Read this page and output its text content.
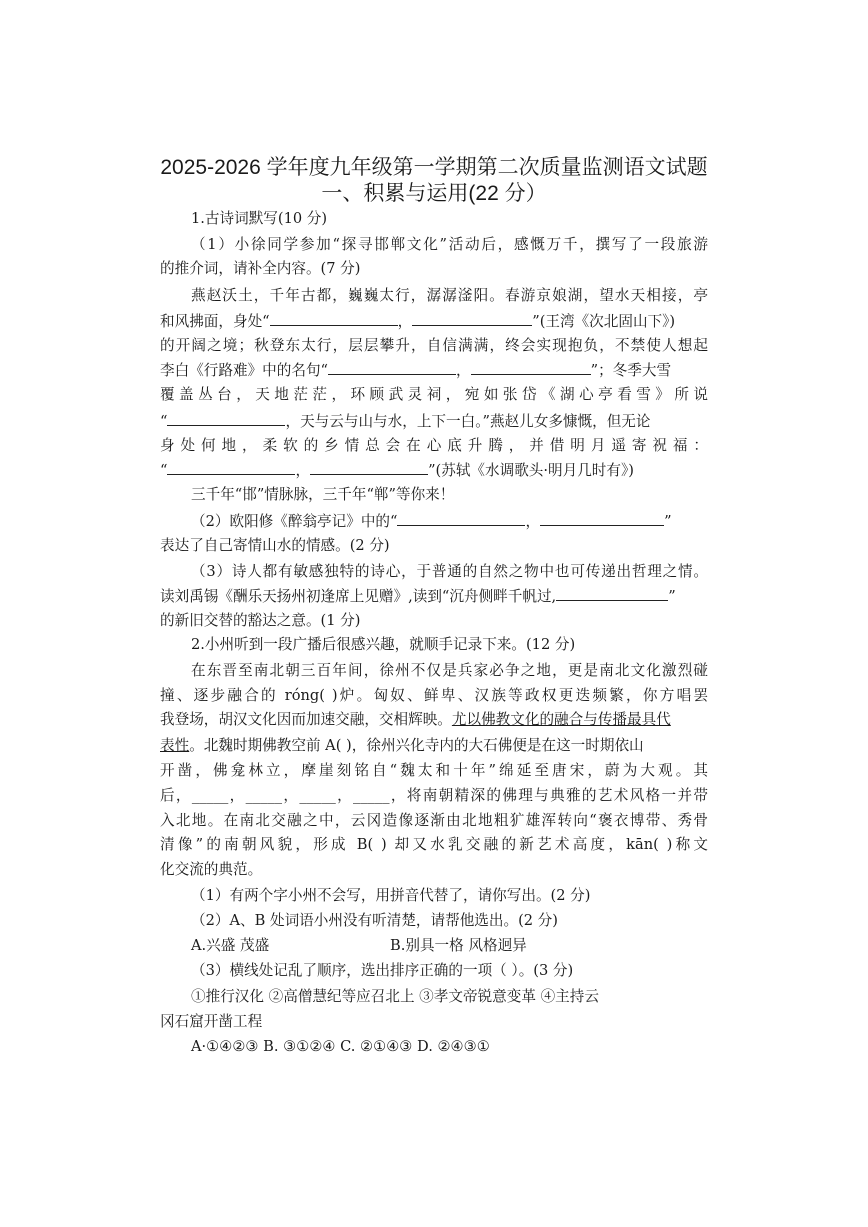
2025-2026 学年度九年级第一学期第二次质量监测语文试题
一、积累与运用(22 分）
1.古诗词默写(10 分)
（1）小徐同学参加“探寻邯郸文化”活动后，感慨万千，撰写了一段旅游
的推介词，请补全内容。(7 分)
燕赵沃土，千年古都，巍巍太行，潺潺滏阳。春游京娘湖，望水天相接，亭
和风拂面，身处“	，	”(王湾《次北固山下》)
的开阔之境；秋登东太行，层层攀升，自信满满，终会实现抱负，不禁使人想起
李白《行路难》中的名句“	，	”；冬季大雪
覆盖丛台，天地茫茫，环顾武灵祠，宛如张岱《湖心亭看雪》所说
“	，天与云与山与水，上下一白。”燕赵儿女多慷慨，但无论
身处何地，柔软的乡情总会在心底升腾，并借明月遥寄祝福：
“	，	”(苏轼《水调歌头·明月几时有》)
三千年“邯”情脉脉，三千年“郸”等你来！
（2）欧阳修《醉翁亭记》中的“	，	”
表达了自己寄情山水的情感。(2 分)
（3）诗人都有敏感独特的诗心，于普通的自然之物中也可传递出哲理之情。
读刘禹锡《酬乐天扬州初逢席上见赠》,读到“沉舟侧畔千帆过,	”
的新旧交替的豁达之意。(1 分)
2.小州听到一段广播后很感兴趣，就顺手记录下来。(12 分)
在东晋至南北朝三百年间，徐州不仅是兵家必争之地，更是南北文化激烈碰
撞、逐步融合的 róng( )炉。匈奴、鲜卑、汉族等政权更迭频繁，你方唱罢
我登场，胡汉文化因而加速交融，交相辉映。尤以佛教文化的融合与传播最具代
表性。北魏时期佛教空前 A( )，徐州兴化寺内的大石佛便是在这一时期依山
开凿，佛龛林立，摩崖刻铭自“魏太和十年”绵延至唐宋，蔚为大观。其
后，_____，_____，_____，_____，将南朝精深的佛理与典雅的艺术风格一并带
入北地。在南北交融之中，云冈造像逐渐由北地粗犷雄浑转向“褒衣博带、秀骨
清像”的南朝风貌，形成 B( ) 却又水乳交融的新艺术高度，kān( )称文
化交流的典范。
（1）有两个字小州不会写，用拼音代替了，请你写出。(2 分)
（2）A、B 处词语小州没有听清楚，请帮他选出。(2 分)
A.兴盛 茂盛	B.别具一格 风格迥异
（3）横线处记乱了顺序，选出排序正确的一项（ ）。(3 分)
①推行汉化 ②高僧慧纪等应召北上 ③孝文帝锐意变革 ④主持云
冈石窟开凿工程
A·①④②③ B. ③①②④ C. ②①④③ D. ②④③①
